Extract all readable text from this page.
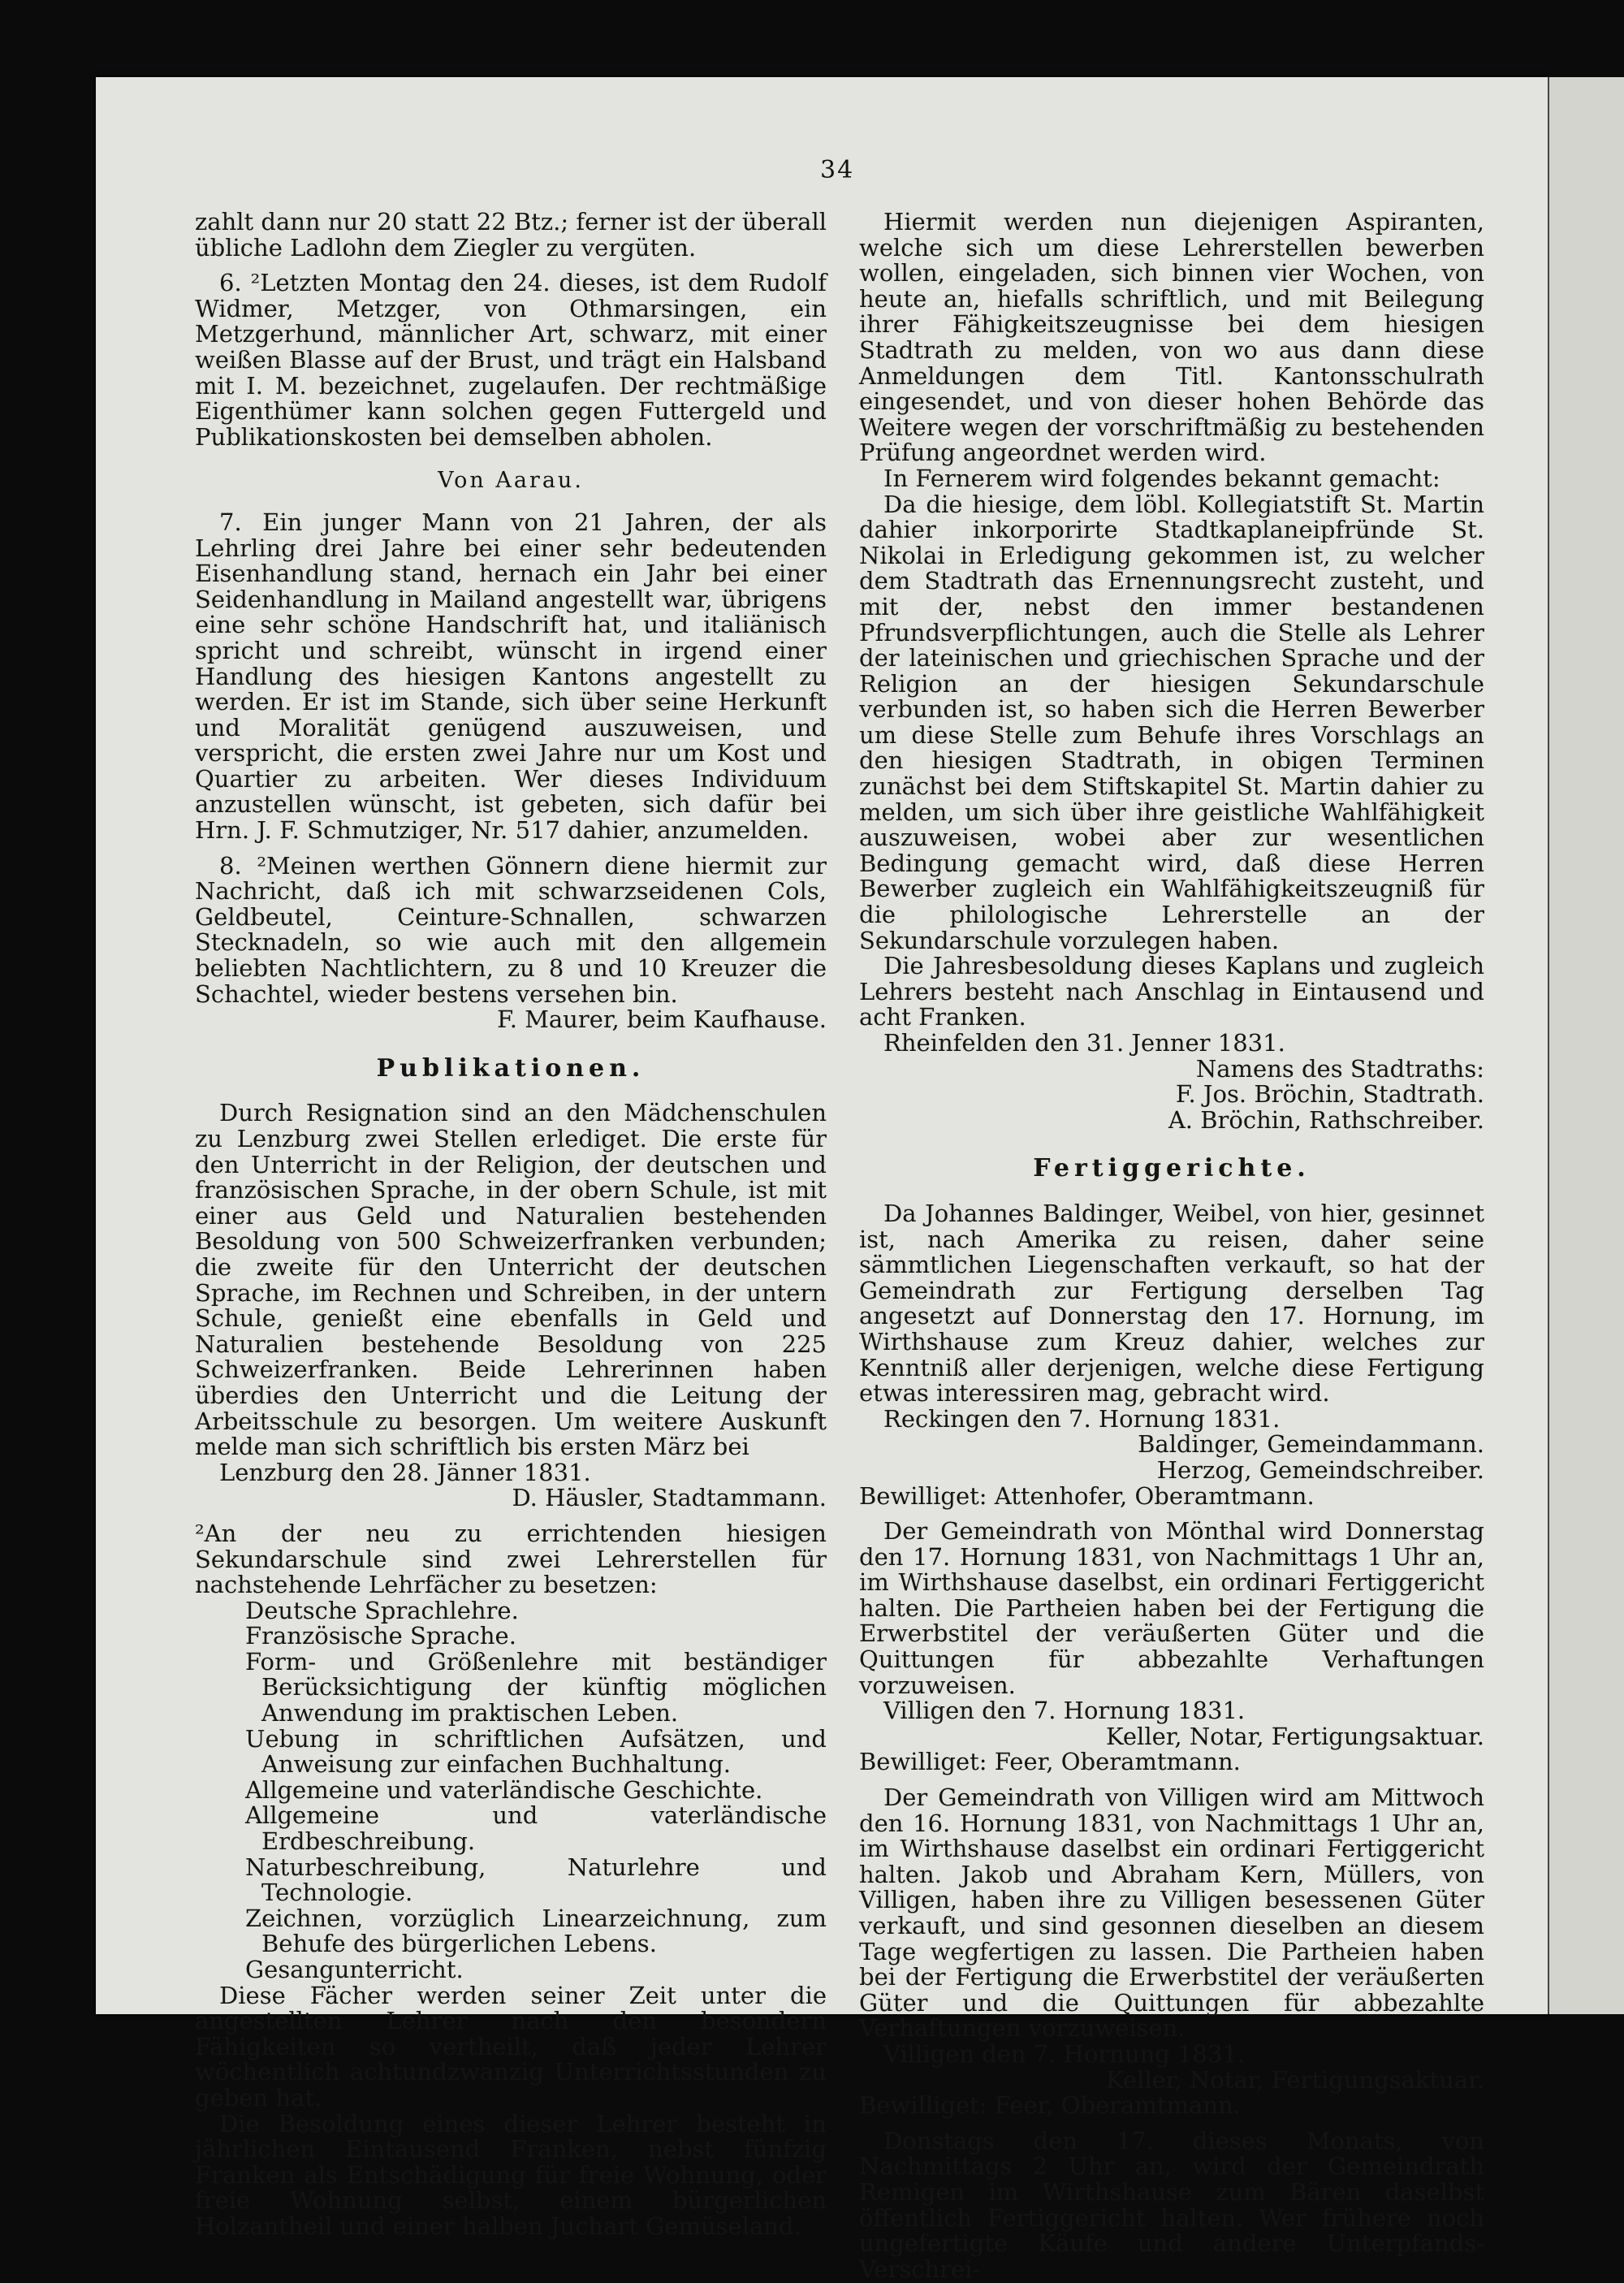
34

zahlt dann nur 20 statt 22 Btz.; ferner ist der überall übliche Ladlohn dem Ziegler zu vergüten.

6. ²Letzten Montag den 24. dieses, ist dem Rudolf Widmer, Metzger, von Othmarsingen, ein Metzgerhund, männlicher Art, schwarz, mit einer weißen Blasse auf der Brust, und trägt ein Halsband mit I. M. bezeichnet, zugelaufen. Der rechtmäßige Eigenthümer kann solchen gegen Futtergeld und Publikationskosten bei demselben abholen.

Von Aarau.

7. Ein junger Mann von 21 Jahren, der als Lehrling drei Jahre bei einer sehr bedeutenden Eisenhandlung stand, hernach ein Jahr bei einer Seidenhandlung in Mailand angestellt war, übrigens eine sehr schöne Handschrift hat, und italiänisch spricht und schreibt, wünscht in irgend einer Handlung des hiesigen Kantons angestellt zu werden. Er ist im Stande, sich über seine Herkunft und Moralität genügend auszuweisen, und verspricht, die ersten zwei Jahre nur um Kost und Quartier zu arbeiten. Wer dieses Individuum anzustellen wünscht, ist gebeten, sich dafür bei Hrn. J. F. Schmutziger, Nr. 517 dahier, anzumelden.

8. ²Meinen werthen Gönnern diene hiermit zur Nachricht, daß ich mit schwarzseidenen Cols, Geldbeutel, Ceinture-Schnallen, schwarzen Stecknadeln, so wie auch mit den allgemein beliebten Nachtlichtern, zu 8 und 10 Kreuzer die Schachtel, wieder bestens versehen bin.

F. Maurer, beim Kaufhause.

Publikationen.

Durch Resignation sind an den Mädchenschulen zu Lenzburg zwei Stellen erlediget. Die erste für den Unterricht in der Religion, der deutschen und französischen Sprache, in der obern Schule, ist mit einer aus Geld und Naturalien bestehenden Besoldung von 500 Schweizerfranken verbunden; die zweite für den Unterricht der deutschen Sprache, im Rechnen und Schreiben, in der untern Schule, genießt eine ebenfalls in Geld und Naturalien bestehende Besoldung von 225 Schweizerfranken. Beide Lehrerinnen haben überdies den Unterricht und die Leitung der Arbeitsschule zu besorgen. Um weitere Auskunft melde man sich schriftlich bis ersten März bei

Lenzburg den 28. Jänner 1831.

D. Häusler, Stadtammann.

²An der neu zu errichtenden hiesigen Sekundarschule sind zwei Lehrerstellen für nachstehende Lehrfächer zu besetzen:

Deutsche Sprachlehre.

Französische Sprache.

Form- und Größenlehre mit beständiger Berücksichtigung der künftig möglichen Anwendung im praktischen Leben.

Uebung in schriftlichen Aufsätzen, und Anweisung zur einfachen Buchhaltung.

Allgemeine und vaterländische Geschichte.

Allgemeine und vaterländische Erdbeschreibung.

Naturbeschreibung, Naturlehre und Technologie.

Zeichnen, vorzüglich Linearzeichnung, zum Behufe des bürgerlichen Lebens.

Gesangunterricht.

Diese Fächer werden seiner Zeit unter die angestellten Lehrer nach den besondern Fähigkeiten so vertheilt, daß jeder Lehrer wöchentlich achtundzwanzig Unterrichtsstunden zu geben hat.

Die Besoldung eines dieser Lehrer besteht in jährlichen Eintausend Franken, nebst fünfzig Franken als Entschädigung für freie Wohnung, oder freie Wohnung selbst, einem bürgerlichen Holzantheil und einer halben Juchart Gemüseland.

Hiermit werden nun diejenigen Aspiranten, welche sich um diese Lehrerstellen bewerben wollen, eingeladen, sich binnen vier Wochen, von heute an, hiefalls schriftlich, und mit Beilegung ihrer Fähigkeitszeugnisse bei dem hiesigen Stadtrath zu melden, von wo aus dann diese Anmeldungen dem Titl. Kantonsschulrath eingesendet, und von dieser hohen Behörde das Weitere wegen der vorschriftmäßig zu bestehenden Prüfung angeordnet werden wird.

In Fernerem wird folgendes bekannt gemacht:

Da die hiesige, dem löbl. Kollegiatstift St. Martin dahier inkorporirte Stadtkaplaneipfründe St. Nikolai in Erledigung gekommen ist, zu welcher dem Stadtrath das Ernennungsrecht zusteht, und mit der, nebst den immer bestandenen Pfrundsverpflichtungen, auch die Stelle als Lehrer der lateinischen und griechischen Sprache und der Religion an der hiesigen Sekundarschule verbunden ist, so haben sich die Herren Bewerber um diese Stelle zum Behufe ihres Vorschlags an den hiesigen Stadtrath, in obigen Terminen zunächst bei dem Stiftskapitel St. Martin dahier zu melden, um sich über ihre geistliche Wahlfähigkeit auszuweisen, wobei aber zur wesentlichen Bedingung gemacht wird, daß diese Herren Bewerber zugleich ein Wahlfähigkeitszeugniß für die philologische Lehrerstelle an der Sekundarschule vorzulegen haben.

Die Jahresbesoldung dieses Kaplans und zugleich Lehrers besteht nach Anschlag in Eintausend und acht Franken.

Rheinfelden den 31. Jenner 1831.

Namens des Stadtraths:

F. Jos. Bröchin, Stadtrath.

A. Bröchin, Rathschreiber.

Fertiggerichte.

Da Johannes Baldinger, Weibel, von hier, gesinnet ist, nach Amerika zu reisen, daher seine sämmtlichen Liegenschaften verkauft, so hat der Gemeindrath zur Fertigung derselben Tag angesetzt auf Donnerstag den 17. Hornung, im Wirthshause zum Kreuz dahier, welches zur Kenntniß aller derjenigen, welche diese Fertigung etwas interessiren mag, gebracht wird.

Reckingen den 7. Hornung 1831.

Baldinger, Gemeindammann.

Herzog, Gemeindschreiber.

Bewilliget: Attenhofer, Oberamtmann.

Der Gemeindrath von Mönthal wird Donnerstag den 17. Hornung 1831, von Nachmittags 1 Uhr an, im Wirthshause daselbst, ein ordinari Fertiggericht halten. Die Partheien haben bei der Fertigung die Erwerbstitel der veräußerten Güter und die Quittungen für abbezahlte Verhaftungen vorzuweisen.

Villigen den 7. Hornung 1831.

Keller, Notar, Fertigungsaktuar.

Bewilliget: Feer, Oberamtmann.

Der Gemeindrath von Villigen wird am Mittwoch den 16. Hornung 1831, von Nachmittags 1 Uhr an, im Wirthshause daselbst ein ordinari Fertiggericht halten. Jakob und Abraham Kern, Müllers, von Villigen, haben ihre zu Villigen besessenen Güter verkauft, und sind gesonnen dieselben an diesem Tage wegfertigen zu lassen. Die Partheien haben bei der Fertigung die Erwerbstitel der veräußerten Güter und die Quittungen für abbezahlte Verhaftungen vorzuweisen.

Villigen den 7. Hornung 1831.

Keller, Notar, Fertigungsaktuar.

Bewilliget: Feer, Oberamtmann.

Donstags den 17. dieses Monats, von Nachmittags 2 Uhr an, wird der Gemeindrath Remigen im Wirthshause zum Bären daselbst öffentlich Fertiggericht halten. Wer frühere noch ungefertigte Käufe und andere Unterpfands-Verschrei-
